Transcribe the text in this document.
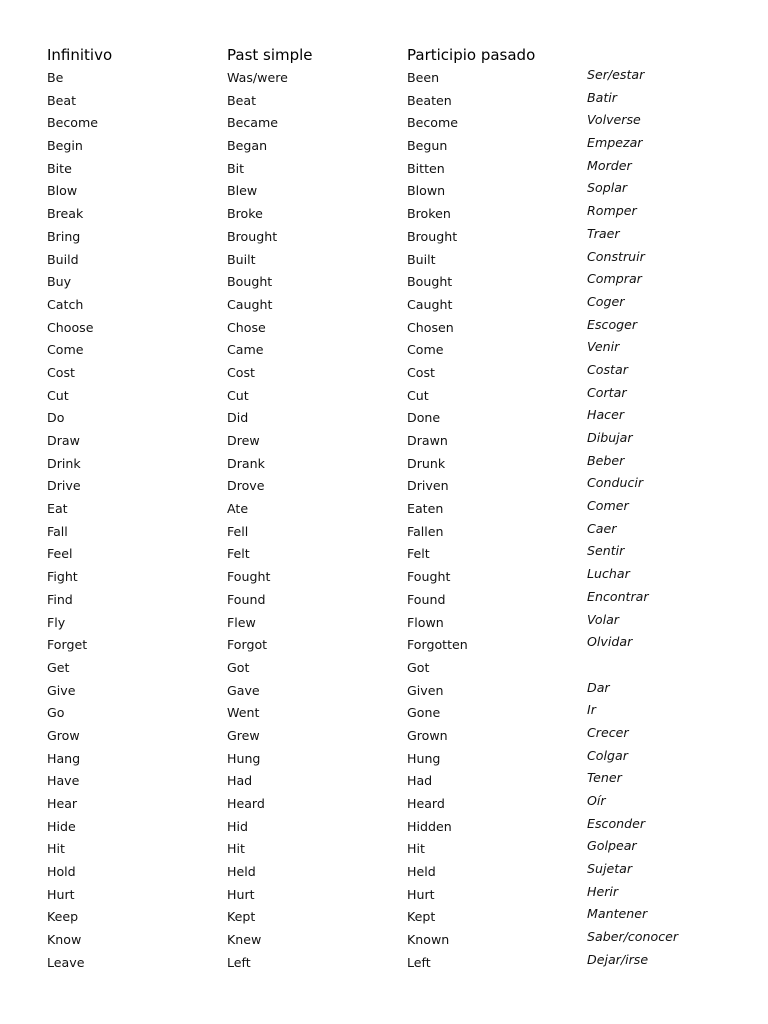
Infinitivo	Past simple	Participio pasado
Be	Was/were	Been	Ser/estar
Beat	Beat	Beaten	Batir
Become	Became	Become	Volverse
Begin	Began	Begun	Empezar
Bite	Bit	Bitten	Morder
Blow	Blew	Blown	Soplar
Break	Broke	Broken	Romper
Bring	Brought	Brought	Traer
Build	Built	Built	Construir
Buy	Bought	Bought	Comprar
Catch	Caught	Caught	Coger
Choose	Chose	Chosen	Escoger
Come	Came	Come	Venir
Cost	Cost	Cost	Costar
Cut	Cut	Cut	Cortar
Do	Did	Done	Hacer
Draw	Drew	Drawn	Dibujar
Drink	Drank	Drunk	Beber
Drive	Drove	Driven	Conducir
Eat	Ate	Eaten	Comer
Fall	Fell	Fallen	Caer
Feel	Felt	Felt	Sentir
Fight	Fought	Fought	Luchar
Find	Found	Found	Encontrar
Fly	Flew	Flown	Volar
Forget	Forgot	Forgotten	Olvidar
Get	Got	Got
Give	Gave	Given	Dar
Go	Went	Gone	Ir
Grow	Grew	Grown	Crecer
Hang	Hung	Hung	Colgar
Have	Had	Had	Tener
Hear	Heard	Heard	Oír
Hide	Hid	Hidden	Esconder
Hit	Hit	Hit	Golpear
Hold	Held	Held	Sujetar
Hurt	Hurt	Hurt	Herir
Keep	Kept	Kept	Mantener
Know	Knew	Known	Saber/conocer
Leave	Left	Left	Dejar/irse
